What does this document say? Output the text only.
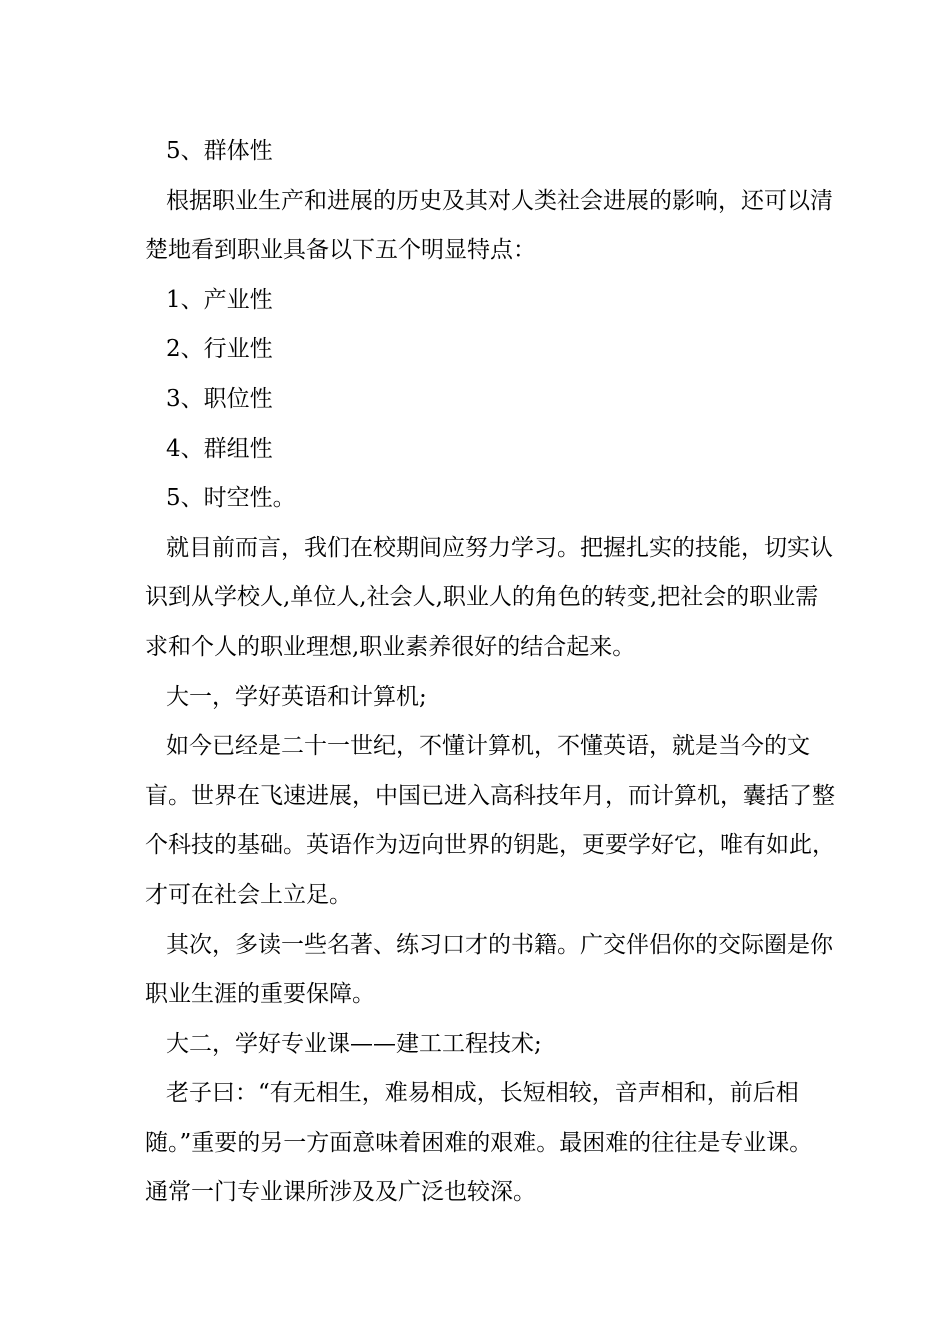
5、群体性

根据职业生产和进展的历史及其对人类社会进展的影响，还可以清楚地看到职业具备以下五个明显特点：

1、产业性

2、行业性

3、职位性

4、群组性

5、时空性。

就目前而言，我们在校期间应努力学习。把握扎实的技能，切实认识到从学校人,单位人,社会人,职业人的角色的转变,把社会的职业需求和个人的职业理想,职业素养很好的结合起来。

大一，学好英语和计算机;

如今已经是二十一世纪，不懂计算机，不懂英语，就是当今的文盲。世界在飞速进展，中国已进入高科技年月，而计算机，囊括了整个科技的基础。英语作为迈向世界的钥匙，更要学好它，唯有如此，才可在社会上立足。

其次，多读一些名著、练习口才的书籍。广交伴侣你的交际圈是你职业生涯的重要保障。

大二，学好专业课——建工工程技术;

老子曰：“有无相生，难易相成，长短相较，音声相和，前后相随。”重要的另一方面意味着困难的艰难。最困难的往往是专业课。通常一门专业课所涉及及广泛也较深。
